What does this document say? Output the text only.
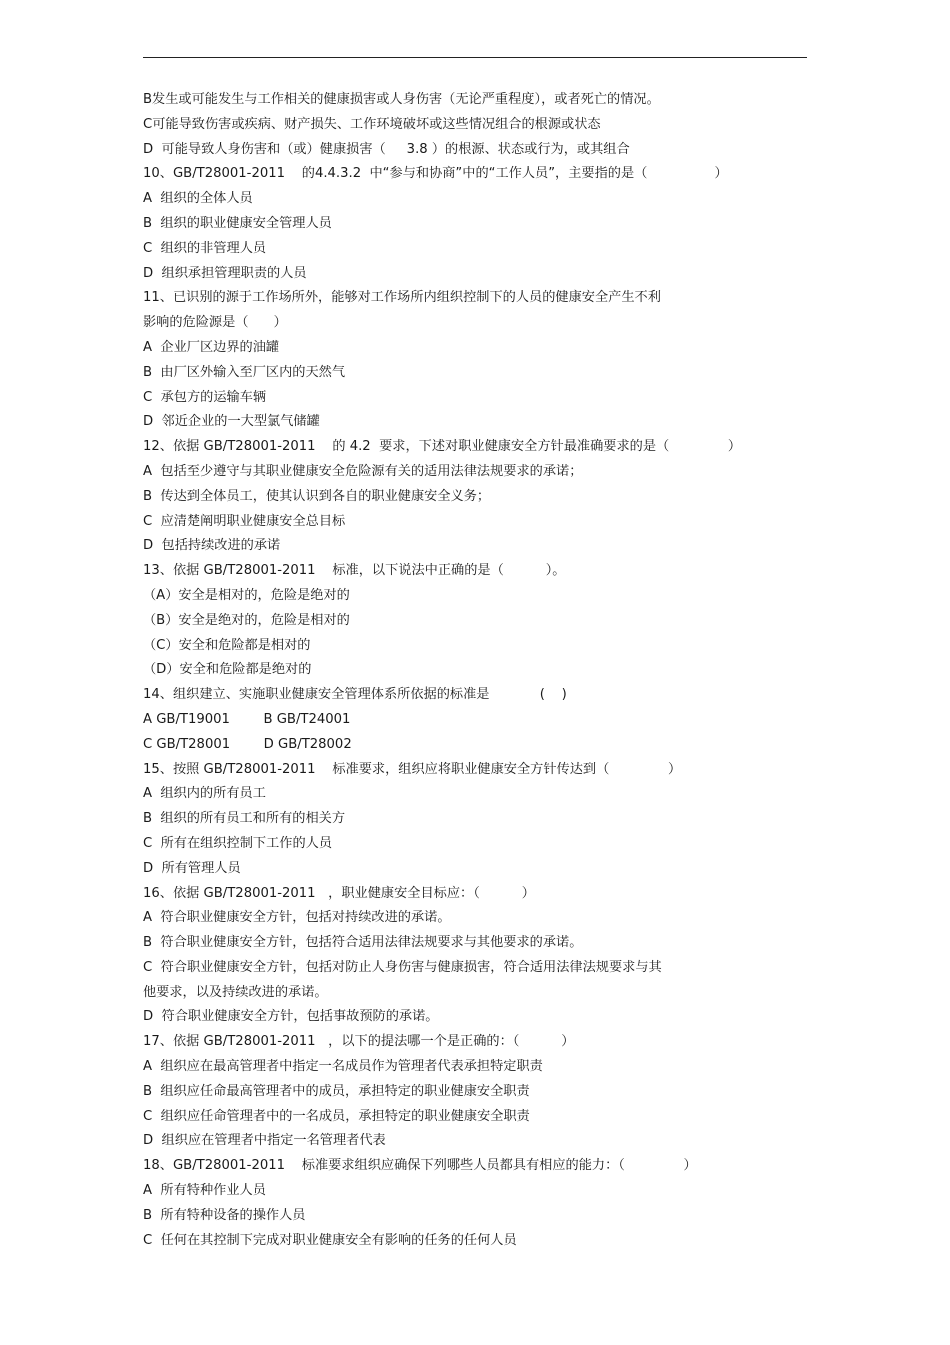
B发生或可能发生与工作相关的健康损害或人身伤害（无论严重程度），或者死亡的情况。
C可能导致伤害或疾病、财产损失、工作环境破坏或这些情况组合的根源或状态
D  可能导致人身伤害和（或）健康损害（     3.8 ）的根源、状态或行为，或其组合
10、GB/T28001-2011    的4.4.3.2  中“参与和协商”中的“工作人员”，主要指的是（                ）
A  组织的全体人员
B  组织的职业健康安全管理人员
C  组织的非管理人员
D  组织承担管理职责的人员
11、已识别的源于工作场所外，能够对工作场所内组织控制下的人员的健康安全产生不利
影响的危险源是（      ）
A  企业厂区边界的油罐
B  由厂区外输入至厂区内的天然气
C  承包方的运输车辆
D  邻近企业的一大型氯气储罐
12、依据 GB/T28001-2011    的 4.2  要求，下述对职业健康安全方针最准确要求的是（              ）
A  包括至少遵守与其职业健康安全危险源有关的适用法律法规要求的承诺；
B  传达到全体员工，使其认识到各自的职业健康安全义务；
C  应清楚阐明职业健康安全总目标
D  包括持续改进的承诺
13、依据 GB/T28001-2011    标准，以下说法中正确的是（          ）。
（A）安全是相对的，危险是绝对的
（B）安全是绝对的，危险是相对的
（C）安全和危险都是相对的
（D）安全和危险都是绝对的
14、组织建立、实施职业健康安全管理体系所依据的标准是            (    )
A GB/T19001        B GB/T24001
C GB/T28001        D GB/T28002
15、按照 GB/T28001-2011    标准要求，组织应将职业健康安全方针传达到（              ）
A  组织内的所有员工
B  组织的所有员工和所有的相关方
C  所有在组织控制下工作的人员
D  所有管理人员
16、依据 GB/T28001-2011   ，职业健康安全目标应：（          ）
A  符合职业健康安全方针，包括对持续改进的承诺。
B  符合职业健康安全方针，包括符合适用法律法规要求与其他要求的承诺。
C  符合职业健康安全方针，包括对防止人身伤害与健康损害，符合适用法律法规要求与其
他要求，以及持续改进的承诺。
D  符合职业健康安全方针，包括事故预防的承诺。
17、依据 GB/T28001-2011   ，以下的提法哪一个是正确的：（          ）
A  组织应在最高管理者中指定一名成员作为管理者代表承担特定职责
B  组织应任命最高管理者中的成员，承担特定的职业健康安全职责
C  组织应任命管理者中的一名成员，承担特定的职业健康安全职责
D  组织应在管理者中指定一名管理者代表
18、GB/T28001-2011    标准要求组织应确保下列哪些人员都具有相应的能力：（              ）
A  所有特种作业人员
B  所有特种设备的操作人员
C  任何在其控制下完成对职业健康安全有影响的任务的任何人员
